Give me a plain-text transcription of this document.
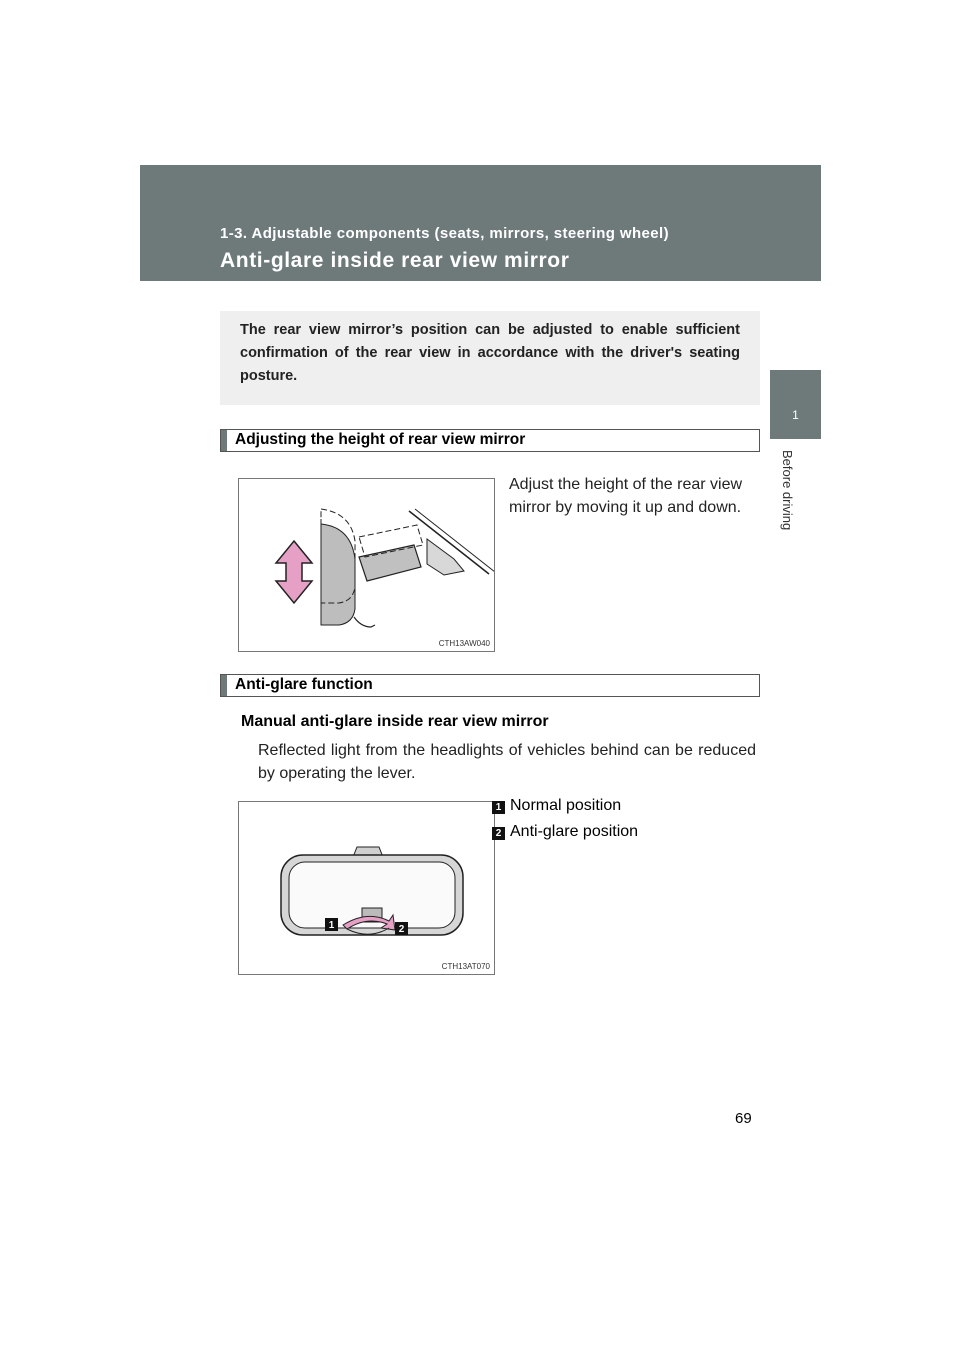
1-3. Adjustable components (seats, mirrors, steering wheel)
Anti-glare inside rear view mirror
1
Before driving
The rear view mirror’s position can be adjusted to enable sufficient confirmation of the rear view in accordance with the driver's seating posture.
Adjusting the height of rear view mirror
CTH13AW040
Adjust the height of the rear view mirror by moving it up and down.
Anti-glare function
Manual anti-glare inside rear view mirror
Reflected light from the headlights of vehicles behind can be reduced by operating the lever.
1	2
CTH13AT070
1 Normal position
2 Anti-glare position
69
